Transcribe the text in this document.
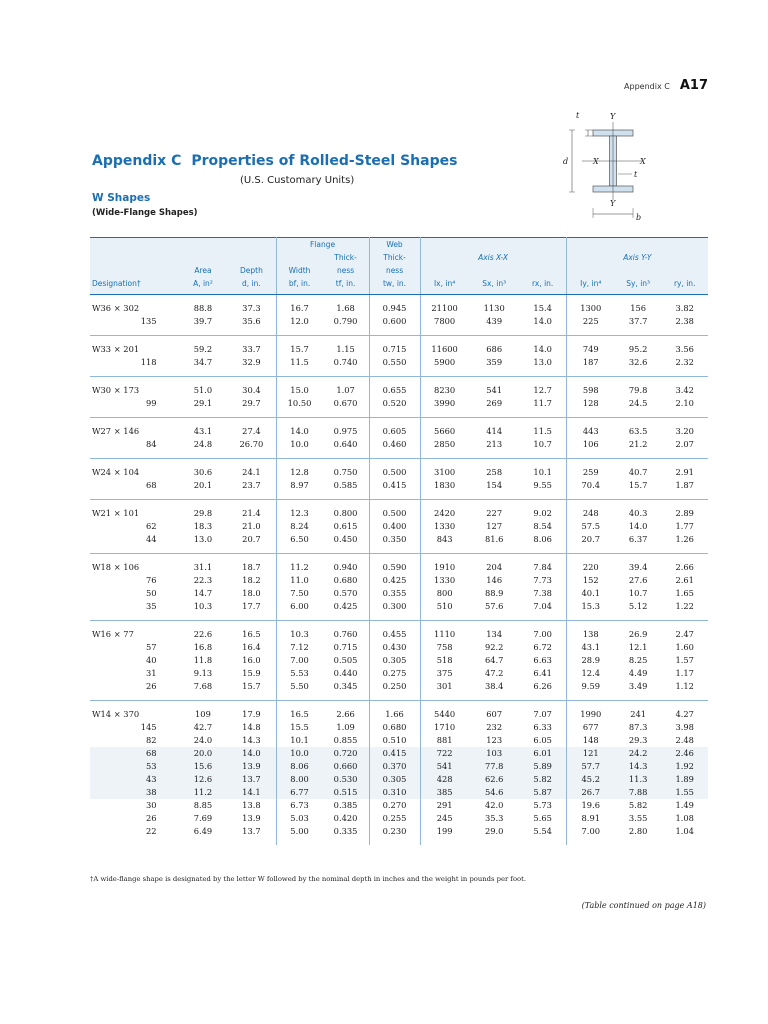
Appendix C A17
Appendix C Properties of Rolled-Steel Shapes
(U.S. Customary Units)
W Shapes
(Wide-Flange Shapes)
t	Y
d	X	X
t
Y
b
			Flange		Web						
				Thick-	Thick-	Axis X-X			Axis Y-Y		
	Area	Depth	Width	ness	ness						
Designation†	A, in²	d, in.	bf, in.	tf, in.	tw, in.	Ix, in⁴	Sx, in³	rx, in.	Iy, in⁴	Sy, in³	ry, in.
W36 × 302	88.8	37.3	16.7	1.68	0.945	21100	1130	15.4	1300	156	3.82
135	39.7	35.6	12.0	0.790	0.600	7800	439	14.0	225	37.7	2.38
W33 × 201	59.2	33.7	15.7	1.15	0.715	11600	686	14.0	749	95.2	3.56
118	34.7	32.9	11.5	0.740	0.550	5900	359	13.0	187	32.6	2.32
W30 × 173	51.0	30.4	15.0	1.07	0.655	8230	541	12.7	598	79.8	3.42
99	29.1	29.7	10.50	0.670	0.520	3990	269	11.7	128	24.5	2.10
W27 × 146	43.1	27.4	14.0	0.975	0.605	5660	414	11.5	443	63.5	3.20
84	24.8	26.70	10.0	0.640	0.460	2850	213	10.7	106	21.2	2.07
W24 × 104	30.6	24.1	12.8	0.750	0.500	3100	258	10.1	259	40.7	2.91
68	20.1	23.7	8.97	0.585	0.415	1830	154	9.55	70.4	15.7	1.87
W21 × 101	29.8	21.4	12.3	0.800	0.500	2420	227	9.02	248	40.3	2.89
62	18.3	21.0	8.24	0.615	0.400	1330	127	8.54	57.5	14.0	1.77
44	13.0	20.7	6.50	0.450	0.350	843	81.6	8.06	20.7	6.37	1.26
W18 × 106	31.1	18.7	11.2	0.940	0.590	1910	204	7.84	220	39.4	2.66
76	22.3	18.2	11.0	0.680	0.425	1330	146	7.73	152	27.6	2.61
50	14.7	18.0	7.50	0.570	0.355	800	88.9	7.38	40.1	10.7	1.65
35	10.3	17.7	6.00	0.425	0.300	510	57.6	7.04	15.3	5.12	1.22
W16 × 77	22.6	16.5	10.3	0.760	0.455	1110	134	7.00	138	26.9	2.47
57	16.8	16.4	7.12	0.715	0.430	758	92.2	6.72	43.1	12.1	1.60
40	11.8	16.0	7.00	0.505	0.305	518	64.7	6.63	28.9	8.25	1.57
31	9.13	15.9	5.53	0.440	0.275	375	47.2	6.41	12.4	4.49	1.17
26	7.68	15.7	5.50	0.345	0.250	301	38.4	6.26	9.59	3.49	1.12
W14 × 370	109	17.9	16.5	2.66	1.66	5440	607	7.07	1990	241	4.27
145	42.7	14.8	15.5	1.09	0.680	1710	232	6.33	677	87.3	3.98
82	24.0	14.3	10.1	0.855	0.510	881	123	6.05	148	29.3	2.48
68	20.0	14.0	10.0	0.720	0.415	722	103	6.01	121	24.2	2.46
53	15.6	13.9	8.06	0.660	0.370	541	77.8	5.89	57.7	14.3	1.92
43	12.6	13.7	8.00	0.530	0.305	428	62.6	5.82	45.2	11.3	1.89
38	11.2	14.1	6.77	0.515	0.310	385	54.6	5.87	26.7	7.88	1.55
30	8.85	13.8	6.73	0.385	0.270	291	42.0	5.73	19.6	5.82	1.49
26	7.69	13.9	5.03	0.420	0.255	245	35.3	5.65	8.91	3.55	1.08
22	6.49	13.7	5.00	0.335	0.230	199	29.0	5.54	7.00	2.80	1.04
†A wide-flange shape is designated by the letter W followed by the nominal depth in inches and the weight in pounds per foot.
(Table continued on page A18)
